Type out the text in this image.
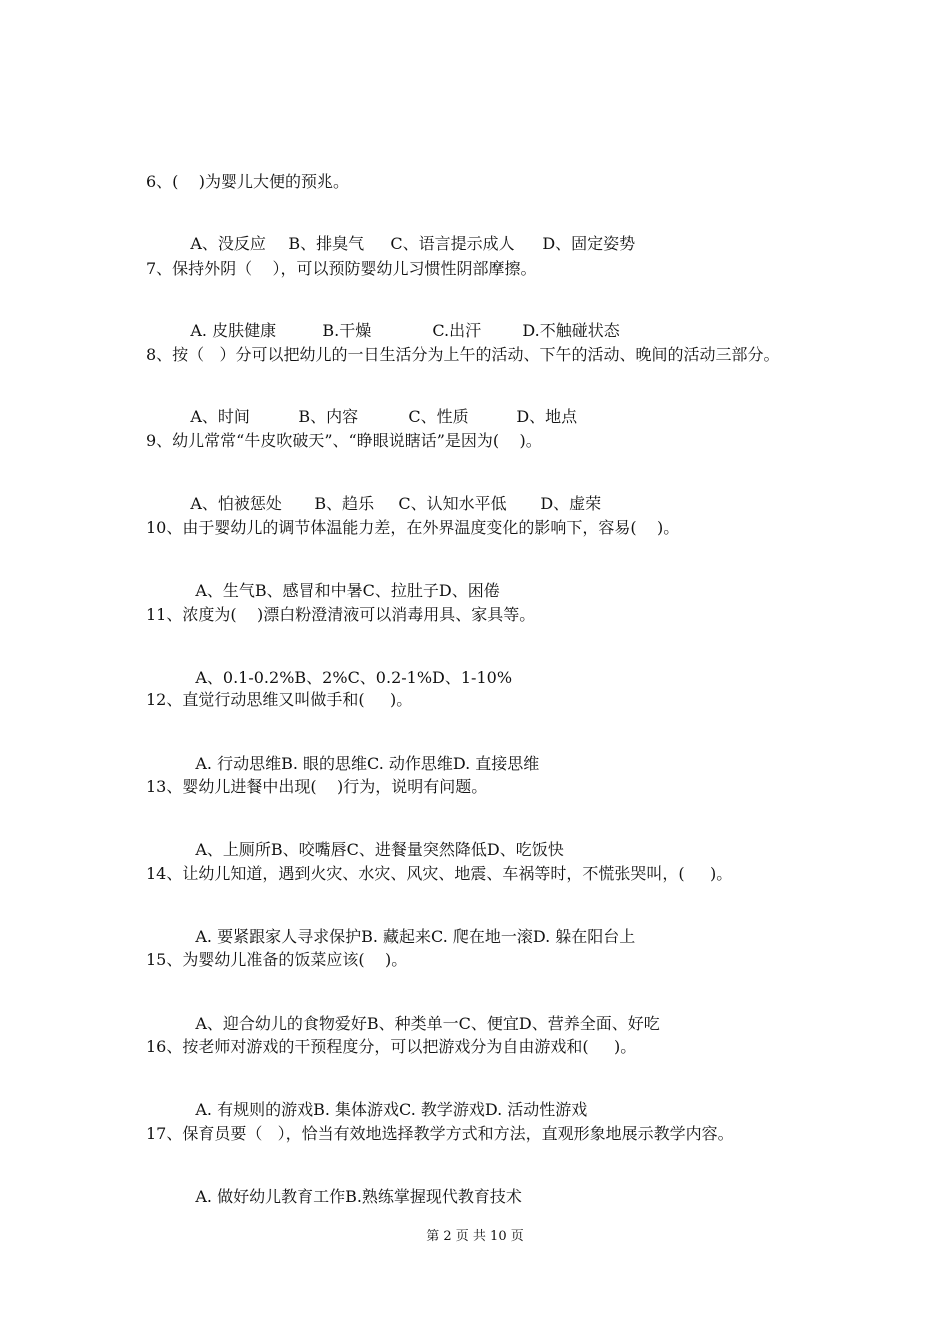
6、(    )为婴儿大便的预兆。

A、没反应 B、排臭气 C、语言提示成人 D、固定姿势

7、保持外阴（    ），可以预防婴幼儿习惯性阴部摩擦。

A. 皮肤健康	B.干燥	C.出汗	D.不触碰状态

8、按（   ）分可以把幼儿的一日生活分为上午的活动、下午的活动、晚间的活动三部分。

A、时间	B、内容	C、性质	D、地点

9、幼儿常常“牛皮吹破天”、“睁眼说瞎话”是因为(    )。

A、怕被惩处 B、趋乐 C、认知水平低 D、虚荣

10、由于婴幼儿的调节体温能力差，在外界温度变化的影响下，容易(    )。

A、生气B、感冒和中暑C、拉肚子D、困倦

11、浓度为(    )漂白粉澄清液可以消毒用具、家具等。

A、0.1-0.2%B、2%C、0.2-1%D、1-10%

12、直觉行动思维又叫做手和(     )。

A. 行动思维B. 眼的思维C. 动作思维D. 直接思维

13、婴幼儿进餐中出现(    )行为，说明有问题。

A、上厕所B、咬嘴唇C、进餐量突然降低D、吃饭快

14、让幼儿知道，遇到火灾、水灾、风灾、地震、车祸等时，不慌张哭叫，(     )。

A. 要紧跟家人寻求保护B. 藏起来C. 爬在地一滚D. 躲在阳台上

15、为婴幼儿准备的饭菜应该(    )。

A、迎合幼儿的食物爱好B、种类单一C、便宜D、营养全面、好吃

16、按老师对游戏的干预程度分，可以把游戏分为自由游戏和(     )。

A. 有规则的游戏B. 集体游戏C. 教学游戏D. 活动性游戏

17、保育员要（   ），恰当有效地选择教学方式和方法，直观形象地展示教学内容。

A. 做好幼儿教育工作B.熟练掌握现代教育技术

第 2 页 共 10 页
